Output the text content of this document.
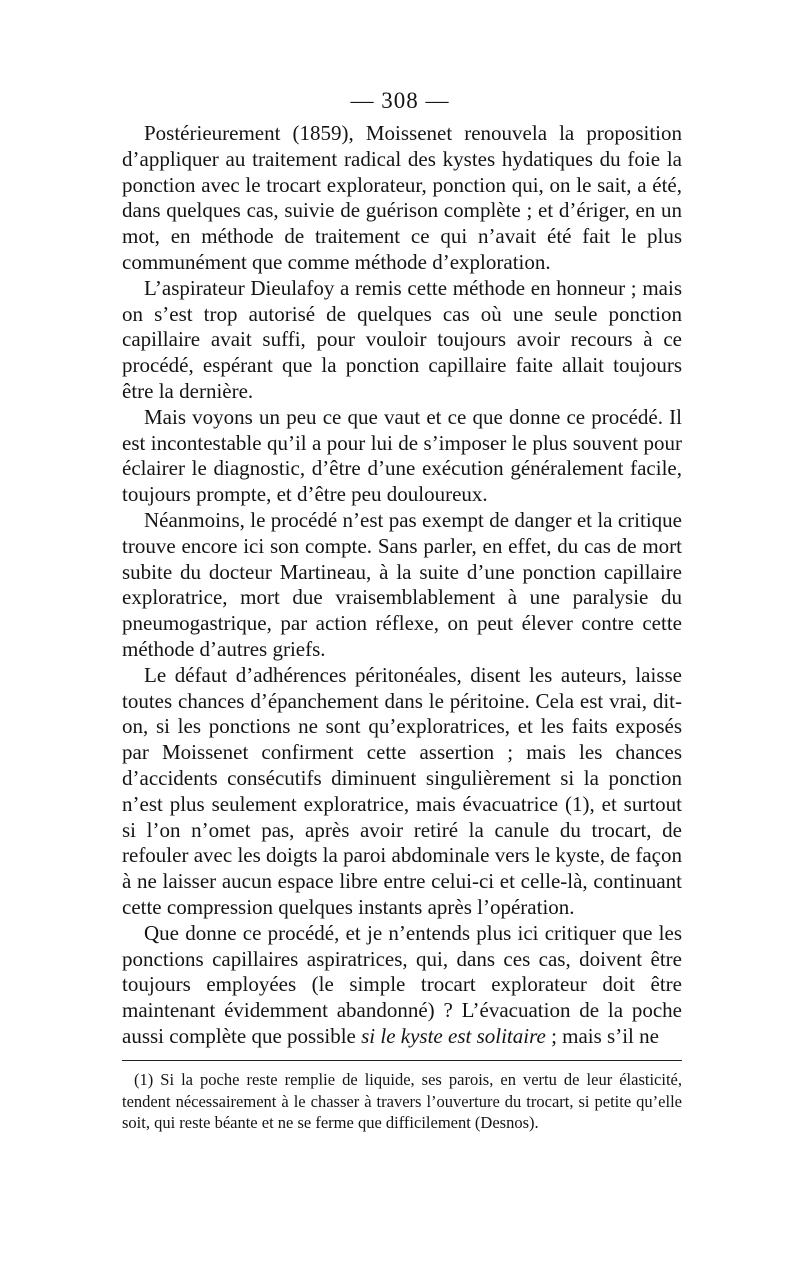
— 308 —

Postérieurement (1859), Moissenet renouvela la proposition d’appliquer au traitement radical des kystes hydatiques du foie la ponction avec le trocart explorateur, ponction qui, on le sait, a été, dans quelques cas, suivie de guérison complète ; et d’ériger, en un mot, en méthode de traitement ce qui n’avait été fait le plus communément que comme méthode d’exploration.

L’aspirateur Dieulafoy a remis cette méthode en honneur ; mais on s’est trop autorisé de quelques cas où une seule ponction capillaire avait suffi, pour vouloir toujours avoir recours à ce procédé, espérant que la ponction capillaire faite allait toujours être la dernière.

Mais voyons un peu ce que vaut et ce que donne ce procédé. Il est incontestable qu’il a pour lui de s’imposer le plus souvent pour éclairer le diagnostic, d’être d’une exécution généralement facile, toujours prompte, et d’être peu douloureux.

Néanmoins, le procédé n’est pas exempt de danger et la critique trouve encore ici son compte. Sans parler, en effet, du cas de mort subite du docteur Martineau, à la suite d’une ponction capillaire exploratrice, mort due vraisemblablement à une paralysie du pneumogastrique, par action réflexe, on peut élever contre cette méthode d’autres griefs.

Le défaut d’adhérences péritonéales, disent les auteurs, laisse toutes chances d’épanchement dans le péritoine. Cela est vrai, dit-on, si les ponctions ne sont qu’exploratrices, et les faits exposés par Moissenet confirment cette assertion ; mais les chances d’accidents consécutifs diminuent singulièrement si la ponction n’est plus seulement exploratrice, mais évacuatrice (1), et surtout si l’on n’omet pas, après avoir retiré la canule du trocart, de refouler avec les doigts la paroi abdominale vers le kyste, de façon à ne laisser aucun espace libre entre celui-ci et celle-là, continuant cette compression quelques instants après l’opération.

Que donne ce procédé, et je n’entends plus ici critiquer que les ponctions capillaires aspiratrices, qui, dans ces cas, doivent être toujours employées (le simple trocart explorateur doit être maintenant évidemment abandonné) ? L’évacuation de la poche aussi complète que possible si le kyste est solitaire ; mais s’il ne

(1) Si la poche reste remplie de liquide, ses parois, en vertu de leur élasticité, tendent nécessairement à le chasser à travers l’ouverture du trocart, si petite qu’elle soit, qui reste béante et ne se ferme que difficilement (Desnos).
